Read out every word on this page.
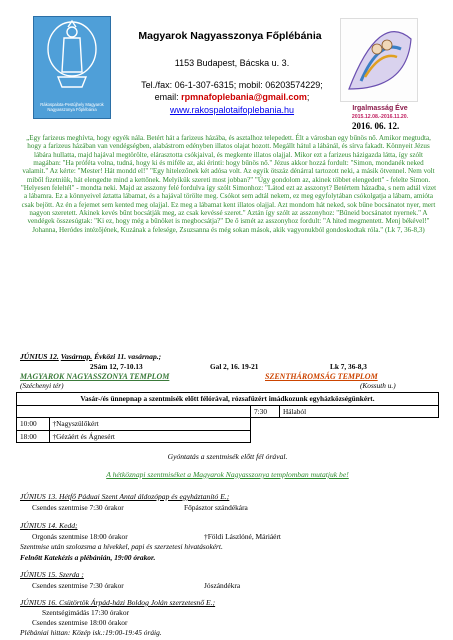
Rákospalota-Pestújhely Magyarok Nagyasszonya Főplébánia
Magyarok Nagyasszonya Főplébánia
1153 Budapest, Bácska u. 3.
Tel./fax: 06-1-307-6315; mobil: 06203574229;
email: rpmnafoplebania@gmail.com;
www.rakospalotaifoplebania.hu	Irgalmasság Éve
2015.12.08.-2016.11.20.
2016. 06. 12.

„Egy farizeus meghívta, hogy egyék nála. Betért hát a farizeus házába, és asztalhoz telepedett. Élt a városban egy bűnös nő. Amikor megtudta, hogy a farizeus házában van vendégségben, alabástrom edényben illatos olajat hozott. Megállt hátul a lábánál, és sírva fakadt. Könnyeit Jézus lábára hullatta, majd hajával megtörölte, elárasztotta csókjaival, és megkente illatos olajjal. Mikor ezt a farizeus házigazda látta, így szólt magában: "Ha próféta volna, tudná, hogy ki és miféle az, aki érinti: hogy bűnös nő." Jézus akkor hozzá fordult: "Simon, mondanék neked valamit." Az kérte: "Mester! Hát mondd el!" "Egy hitelezőnek két adósa volt. Az egyik ötszáz dénárral tartozott neki, a másik ötvennel. Nem volt miből fizetniük, hát elengedte mind a kettőnek. Melyikük szereti most jobban?" "Úgy gondolom az, akinek többet elengedett" - felelte Simon. "Helyesen feleltél" - mondta neki. Majd az asszony felé fordulva így szólt Simonhoz: "Látod ezt az asszonyt? Betértem házadba, s nem adtál vizet a lábamra. Ez a könnyeivel áztatta lábamat, és a hajával törölte meg. Csókot sem adtál nekem, ez meg egyfolytában csókolgatja a lábam, amióta csak bejött. Az én a fejemet sem kented meg olajjal. Ez meg a lábamat kent illatos olajjal. Azt mondom hát neked, sok bűne bocsánatot nyer, mert nagyon szeretett. Akinek kevés bűnt bocsátják meg, az csak kevéssé szeret." Aztán így szólt az asszonyhoz: "Bűneid bocsánatot nyernek." A vendégek összesúgtak: "Ki ez, hogy még a bűnöket is megbocsátja?" De ő ismét az asszonyhoz fordult: "A hited megmentett. Menj békével!" Johanna, Heródes intézőjének, Kuzának a felesége, Zsuzsanna és még sokan mások, akik vagyonukból gondoskodtak róla." (Lk 7, 36-8,3)

JÚNIUS 12. Vasárnap. Évközi 11. vasárnap.;
2Sám 12, 7-10.13	Gal 2, 16. 19-21	Lk 7, 36-8,3
MAGYAROK NAGYASSZONYA TEMPLOM
(Széchenyi tér)
SZENTHÁROMSÁG TEMPLOM
(Kossuth u.)
Vasár-/és ünnepnap a szentmisék előtt félórával, rózsafüzért imádkozunk egyházközségünkért.			
		7:30	Hálaból
10:00	†Nagyszülőkért		
18:00	†Gézáért és Ágnesért		
Gyóntatás a szentmisék előtt fél órával.
A hétköznapi szentmiséket a Magyarok Nagyasszonya templomban mutatjuk be!
JÚNIUS 13. Hétfő Páduai Szent Antal áldozópap és egyháztanító E.;
Csendes szentmise 7:30 órakor	Főpásztor szándékára
JÚNIUS 14. Kedd;
Orgonás szentmise 18:00 órakor	†Földi Lászlóné, Máriáért
Szentmise után szolozsma a hívekkel, papi és szerzetesi hivatásokért.
Felnőtt Katekézis a plébánián, 19:00 órakor.
JÚNIUS 15. Szerda ;
Csendes szentmise 7:30 órakor	Jószándékra
JÚNIUS 16. Csütörtök Árpád-házi Boldog Jolán szerzetesnő E.;
Szentségimádás 17:30 órakor
Csendes szentmise 18:00 órakor
Plébániai hittan: Közép isk.:19:00-19:45 óráig.
